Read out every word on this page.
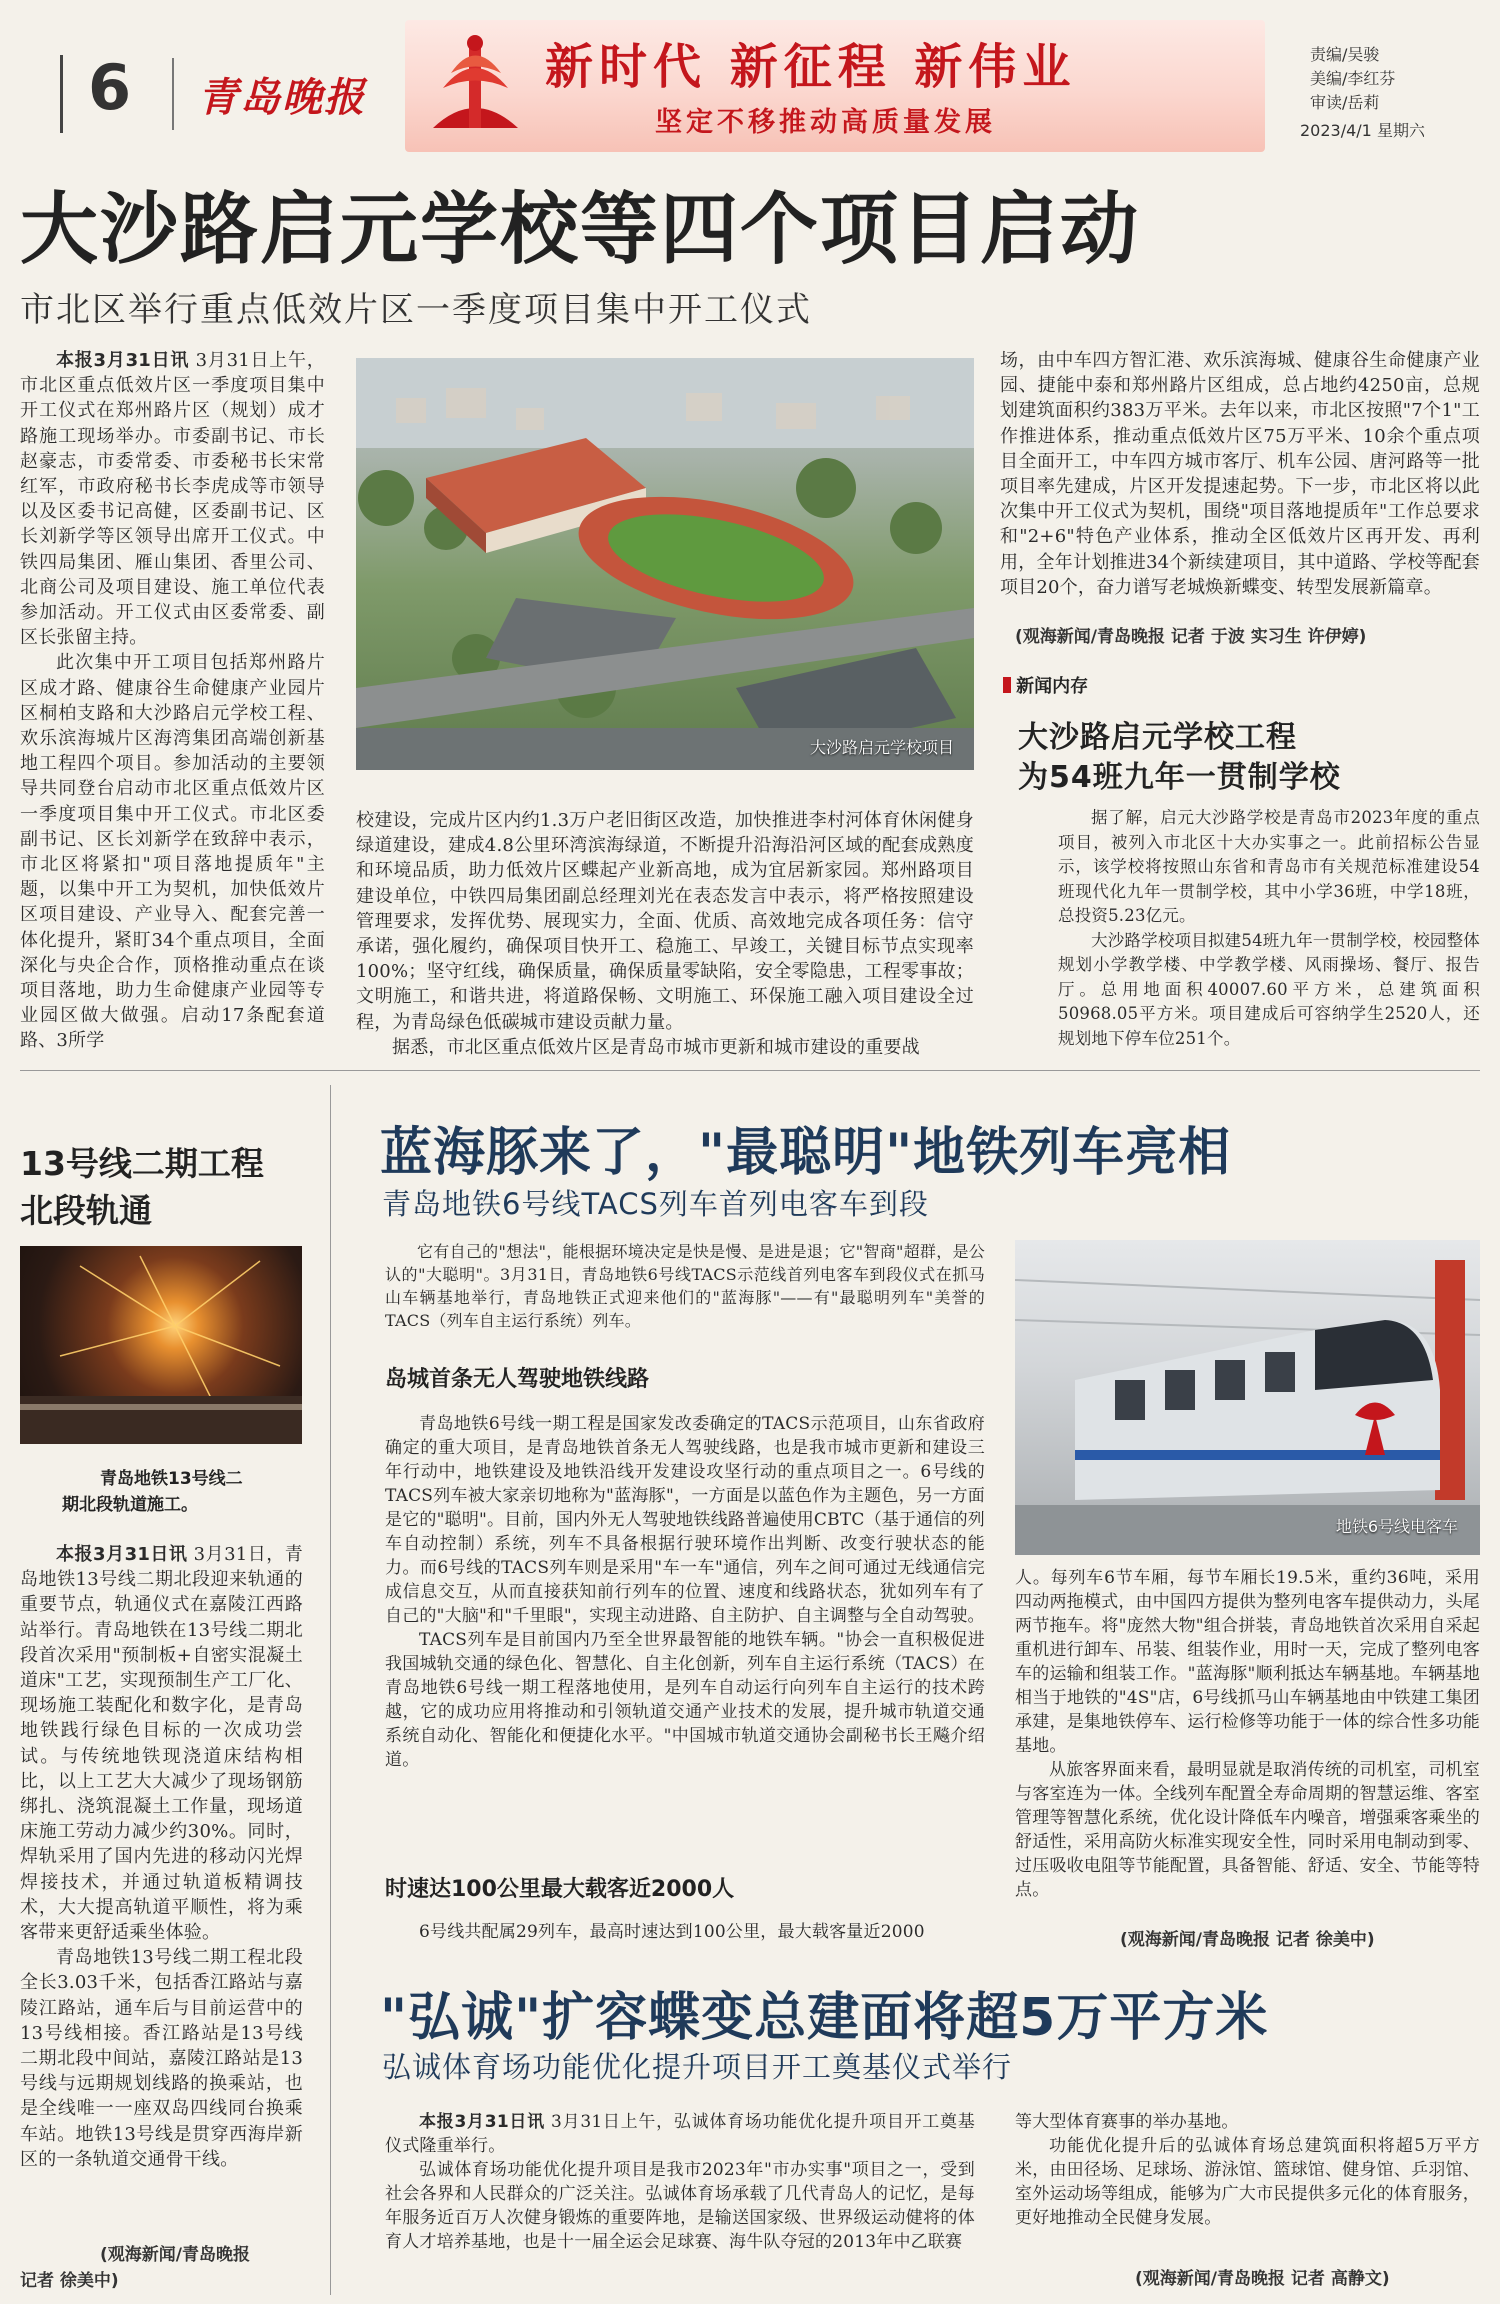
6 青岛晚报
新时代 新征程 新伟业
坚定不移推动高质量发展
责编/吴骏
美编/李红芬
审读/岳莉
2023/4/1 星期六
大沙路启元学校等四个项目启动
市北区举行重点低效片区一季度项目集中开工仪式

本报3月31日讯 3月31日上午，市北区重点低效片区一季度项目集中开工仪式在郑州路片区（规划）成才路施工现场举办。市委副书记、市长赵豪志，市委常委、市委秘书长宋常红军，市政府秘书长李虎成等市领导以及区委书记高健，区委副书记、区长刘新学等区领导出席开工仪式。中铁四局集团、雁山集团、香里公司、北商公司及项目建设、施工单位代表参加活动。开工仪式由区委常委、副区长张留主持。

此次集中开工项目包括郑州路片区成才路、健康谷生命健康产业园片区桐柏支路和大沙路启元学校工程、欢乐滨海城片区海湾集团高端创新基地工程四个项目。参加活动的主要领导共同登台启动市北区重点低效片区一季度项目集中开工仪式。市北区委副书记、区长刘新学在致辞中表示，市北区将紧扣"项目落地提质年"主题，以集中开工为契机，加快低效片区项目建设、产业导入、配套完善一体化提升，紧盯34个重点项目，全面深化与央企合作，顶格推动重点在谈项目落地，助力生命健康产业园等专业园区做大做强。启动17条配套道路、3所学

大沙路启元学校项目

校建设，完成片区内约1.3万户老旧街区改造，加快推进李村河体育休闲健身绿道建设，建成4.8公里环湾滨海绿道，不断提升沿海沿河区域的配套成熟度和环境品质，助力低效片区蝶起产业新高地，成为宜居新家园。郑州路项目建设单位，中铁四局集团副总经理刘光在表态发言中表示，将严格按照建设管理要求，发挥优势、展现实力，全面、优质、高效地完成各项任务：信守承诺，强化履约，确保项目快开工、稳施工、早竣工，关键目标节点实现率100%；坚守红线，确保质量，确保质量零缺陷，安全零隐患，工程零事故；文明施工，和谐共进，将道路保畅、文明施工、环保施工融入项目建设全过程，为青岛绿色低碳城市建设贡献力量。

据悉，市北区重点低效片区是青岛市城市更新和城市建设的重要战

场，由中车四方智汇港、欢乐滨海城、健康谷生命健康产业园、捷能中泰和郑州路片区组成，总占地约4250亩，总规划建筑面积约383万平米。去年以来，市北区按照"7个1"工作推进体系，推动重点低效片区75万平米、10余个重点项目全面开工，中车四方城市客厅、机车公园、唐河路等一批项目率先建成，片区开发提速起势。下一步，市北区将以此次集中开工仪式为契机，围绕"项目落地提质年"工作总要求和"2+6"特色产业体系，推动全区低效片区再开发、再利用，全年计划推进34个新续建项目，其中道路、学校等配套项目20个，奋力谱写老城焕新蝶变、转型发展新篇章。

(观海新闻/青岛晚报 记者 于波 实习生 许伊婷)
新闻内存
大沙路启元学校工程
为54班九年一贯制学校

据了解，启元大沙路学校是青岛市2023年度的重点项目，被列入市北区十大办实事之一。此前招标公告显示，该学校将按照山东省和青岛市有关规范标准建设54班现代化九年一贯制学校，其中小学36班，中学18班，总投资5.23亿元。

大沙路学校项目拟建54班九年一贯制学校，校园整体规划小学教学楼、中学教学楼、风雨操场、餐厅、报告厅。总用地面积40007.60平方米，总建筑面积50968.05平方米。项目建成后可容纳学生2520人，还规划地下停车位251个。

13号线二期工程
北段轨通
青岛地铁13号线二
期北段轨道施工。

本报3月31日讯 3月31日，青岛地铁13号线二期北段迎来轨通的重要节点，轨通仪式在嘉陵江西路站举行。青岛地铁在13号线二期北段首次采用"预制板+自密实混凝土道床"工艺，实现预制生产工厂化、现场施工装配化和数字化，是青岛地铁践行绿色目标的一次成功尝试。与传统地铁现浇道床结构相比，以上工艺大大减少了现场钢筋绑扎、浇筑混凝土工作量，现场道床施工劳动力减少约30%。同时，焊轨采用了国内先进的移动闪光焊焊接技术，并通过轨道板精调技术，大大提高轨道平顺性，将为乘客带来更舒适乘坐体验。

青岛地铁13号线二期工程北段全长3.03千米，包括香江路站与嘉陵江路站，通车后与目前运营中的13号线相接。香江路站是13号线二期北段中间站，嘉陵江路站是13号线与远期规划线路的换乘站，也是全线唯一一座双岛四线同台换乘车站。地铁13号线是贯穿西海岸新区的一条轨道交通骨干线。

(观海新闻/青岛晚报
记者 徐美中)
蓝海豚来了，"最聪明"地铁列车亮相
青岛地铁6号线TACS列车首列电客车到段

它有自己的"想法"，能根据环境决定是快是慢、是进是退；它"智商"超群，是公认的"大聪明"。3月31日，青岛地铁6号线TACS示范线首列电客车到段仪式在抓马山车辆基地举行，青岛地铁正式迎来他们的"蓝海豚"——有"最聪明列车"美誉的TACS（列车自主运行系统）列车。

岛城首条无人驾驶地铁线路

青岛地铁6号线一期工程是国家发改委确定的TACS示范项目，山东省政府确定的重大项目，是青岛地铁首条无人驾驶线路，也是我市城市更新和建设三年行动中，地铁建设及地铁沿线开发建设攻坚行动的重点项目之一。6号线的TACS列车被大家亲切地称为"蓝海豚"，一方面是以蓝色作为主题色，另一方面是它的"聪明"。目前，国内外无人驾驶地铁线路普遍使用CBTC（基于通信的列车自动控制）系统，列车不具备根据行驶环境作出判断、改变行驶状态的能力。而6号线的TACS列车则是采用"车一车"通信，列车之间可通过无线通信完成信息交互，从而直接获知前行列车的位置、速度和线路状态，犹如列车有了自己的"大脑"和"千里眼"，实现主动进路、自主防护、自主调整与全自动驾驶。

TACS列车是目前国内乃至全世界最智能的地铁车辆。"协会一直积极促进我国城轨交通的绿色化、智慧化、自主化创新，列车自主运行系统（TACS）在青岛地铁6号线一期工程落地使用，是列车自动运行向列车自主运行的技术跨越，它的成功应用将推动和引领轨道交通产业技术的发展，提升城市轨道交通系统自动化、智能化和便捷化水平。"中国城市轨道交通协会副秘书长王飚介绍道。

时速达100公里最大载客近2000人

6号线共配属29列车，最高时速达到100公里，最大载客量近2000

地铁6号线电客车

人。每列车6节车厢，每节车厢长19.5米，重约36吨，采用四动两拖模式，由中国四方提供为整列电客车提供动力，头尾两节拖车。将"庞然大物"组合拼装，青岛地铁首次采用自采起重机进行卸车、吊装、组装作业，用时一天，完成了整列电客车的运输和组装工作。"蓝海豚"顺利抵达车辆基地。车辆基地相当于地铁的"4S"店，6号线抓马山车辆基地由中铁建工集团承建，是集地铁停车、运行检修等功能于一体的综合性多功能基地。

从旅客界面来看，最明显就是取消传统的司机室，司机室与客室连为一体。全线列车配置全寿命周期的智慧运维、客室管理等智慧化系统，优化设计降低车内噪音，增强乘客乘坐的舒适性，采用高防火标准实现安全性，同时采用电制动到零、过压吸收电阻等节能配置，具备智能、舒适、安全、节能等特点。

(观海新闻/青岛晚报 记者 徐美中)
"弘诚"扩容蝶变总建面将超5万平方米
弘诚体育场功能优化提升项目开工奠基仪式举行

本报3月31日讯 3月31日上午，弘诚体育场功能优化提升项目开工奠基仪式隆重举行。

弘诚体育场功能优化提升项目是我市2023年"市办实事"项目之一，受到社会各界和人民群众的广泛关注。弘诚体育场承载了几代青岛人的记忆，是每年服务近百万人次健身锻炼的重要阵地，是输送国家级、世界级运动健将的体育人才培养基地，也是十一届全运会足球赛、海牛队夺冠的2013年中乙联赛

等大型体育赛事的举办基地。

功能优化提升后的弘诚体育场总建筑面积将超5万平方米，由田径场、足球场、游泳馆、篮球馆、健身馆、乒羽馆、室外运动场等组成，能够为广大市民提供多元化的体育服务，更好地推动全民健身发展。

(观海新闻/青岛晚报 记者 高静文)
